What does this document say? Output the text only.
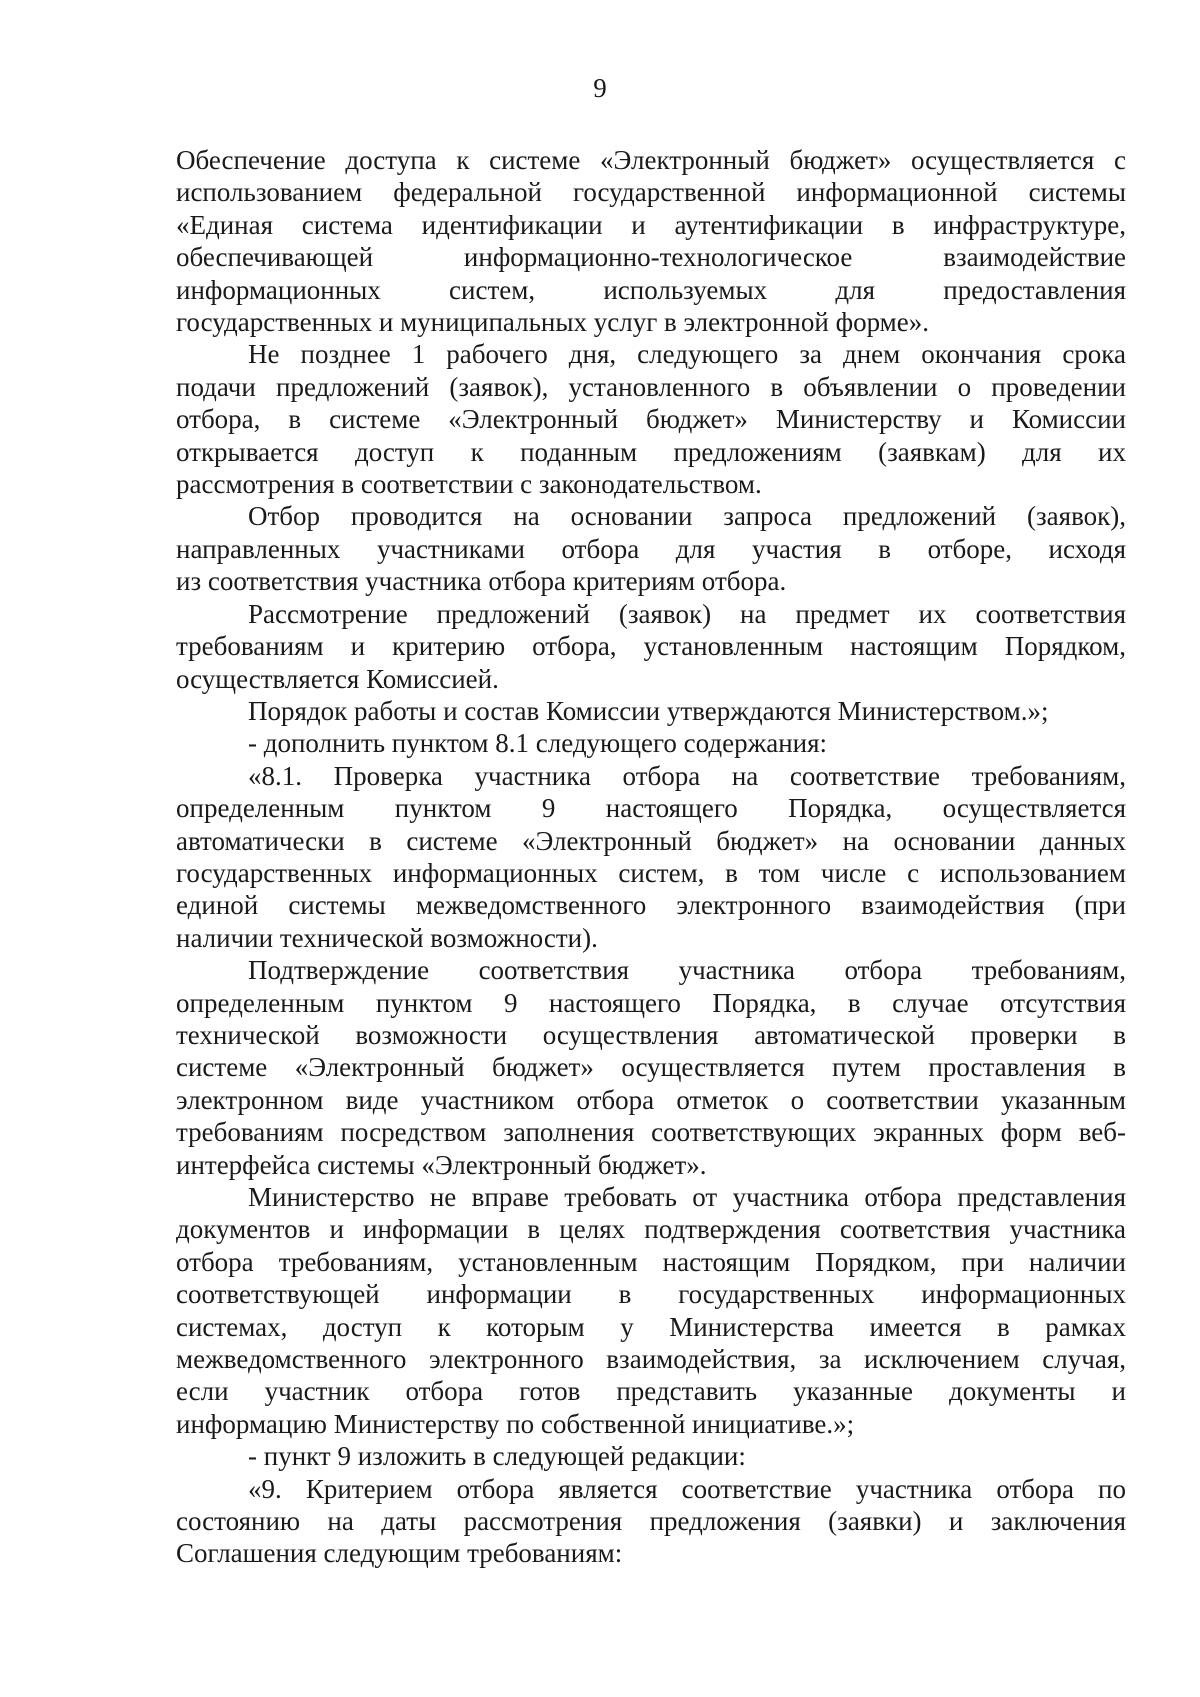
9
Обеспечение доступа к системе «Электронный бюджет» осуществляется с
использованием федеральной государственной информационной системы
«Единая система идентификации и аутентификации в инфраструктуре,
обеспечивающей информационно-технологическое взаимодействие
информационных систем, используемых для предоставления
государственных и муниципальных услуг в электронной форме».
Не позднее 1 рабочего дня, следующего за днем окончания срока
подачи предложений (заявок), установленного в объявлении о проведении
отбора, в системе «Электронный бюджет» Министерству и Комиссии
открывается доступ к поданным предложениям (заявкам) для их
рассмотрения в соответствии с законодательством.
Отбор проводится на основании запроса предложений (заявок),
направленных участниками отбора для участия в отборе, исходя
из соответствия участника отбора критериям отбора.
Рассмотрение предложений (заявок) на предмет их соответствия
требованиям и критерию отбора, установленным настоящим Порядком,
осуществляется Комиссией.
Порядок работы и состав Комиссии утверждаются Министерством.»;
- дополнить пунктом 8.1 следующего содержания:
«8.1. Проверка участника отбора на соответствие требованиям,
определенным пунктом 9 настоящего Порядка, осуществляется
автоматически в системе «Электронный бюджет» на основании данных
государственных информационных систем, в том числе с использованием
единой системы межведомственного электронного взаимодействия (при
наличии технической возможности).
Подтверждение соответствия участника отбора требованиям,
определенным пунктом 9 настоящего Порядка, в случае отсутствия
технической возможности осуществления автоматической проверки в
системе «Электронный бюджет» осуществляется путем проставления в
электронном виде участником отбора отметок о соответствии указанным
требованиям посредством заполнения соответствующих экранных форм веб-
интерфейса системы «Электронный бюджет».
Министерство не вправе требовать от участника отбора представления
документов и информации в целях подтверждения соответствия участника
отбора требованиям, установленным настоящим Порядком, при наличии
соответствующей информации в государственных информационных
системах, доступ к которым у Министерства имеется в рамках
межведомственного электронного взаимодействия, за исключением случая,
если участник отбора готов представить указанные документы и
информацию Министерству по собственной инициативе.»;
- пункт 9 изложить в следующей редакции:
«9. Критерием отбора является соответствие участника отбора по
состоянию на даты рассмотрения предложения (заявки) и заключения
Соглашения следующим требованиям:
